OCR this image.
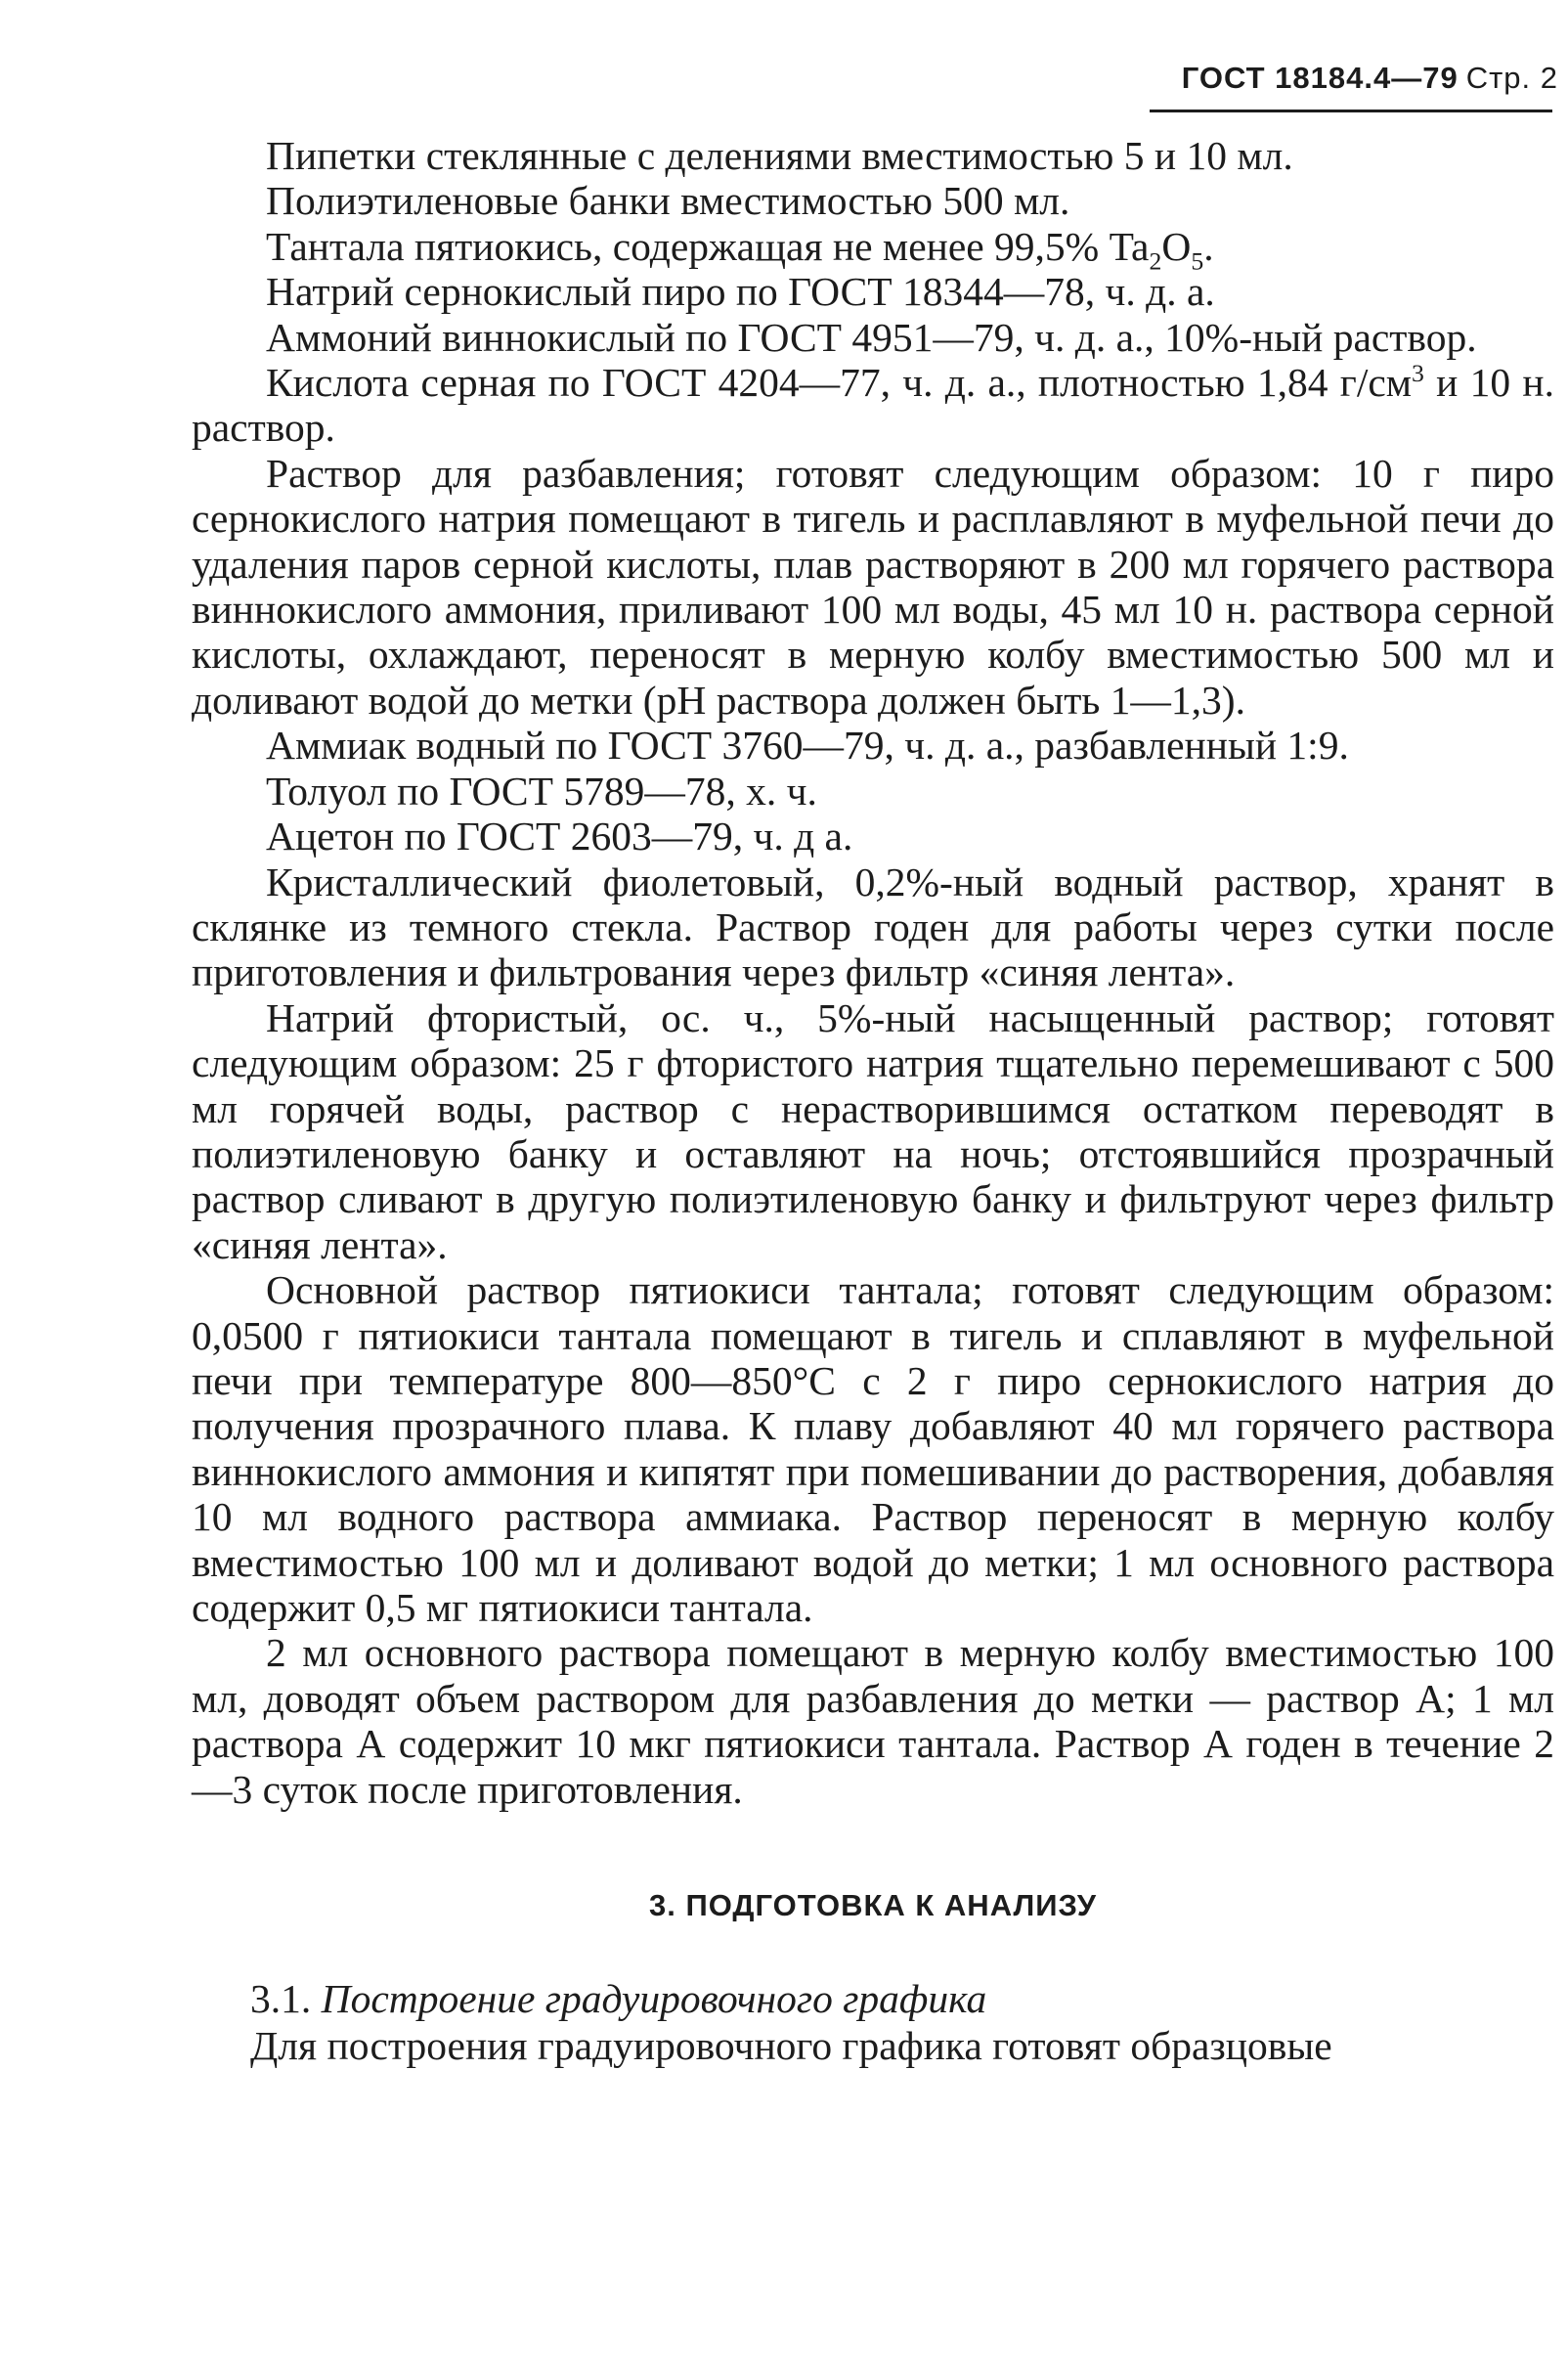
ГОСТ 18184.4—79 Стр. 2

Пипетки стеклянные с делениями вместимостью 5 и 10 мл.

Полиэтиленовые банки вместимостью 500 мл.

Тантала пятиокись, содержащая не менее 99,5% $Ta_2O_5$.

Натрий сернокислый пиро по ГОСТ 18344—78, ч. д. а.

Аммоний виннокислый по ГОСТ 4951—79, ч. д. а., 10%-ный раствор.

Кислота серная по ГОСТ 4204—77, ч. д. а., плотностью 1,84 $г/см^3$ и 10 н. раствор.

Раствор для разбавления; готовят следующим образом: 10 г пиро сернокислого натрия помещают в тигель и расплавляют в муфельной печи до удаления паров серной кислоты, плав растворяют в 200 мл горячего раствора виннокислого аммония, приливают 100 мл воды, 45 мл 10 н. раствора серной кислоты, охлаждают, переносят в мерную колбу вместимостью 500 мл и доливают водой до метки (pH раствора должен быть 1—1,3).

Аммиак водный по ГОСТ 3760—79, ч. д. а., разбавленный 1:9.

Толуол по ГОСТ 5789—78, х. ч.

Ацетон по ГОСТ 2603—79, ч. д а.

Кристаллический фиолетовый, 0,2%-ный водный раствор, хранят в склянке из темного стекла. Раствор годен для работы через сутки после приготовления и фильтрования через фильтр «синяя лента».

Натрий фтористый, ос. ч., 5%-ный насыщенный раствор; готовят следующим образом: 25 г фтористого натрия тщательно перемешивают с 500 мл горячей воды, раствор с нерастворившимся остатком переводят в полиэтиленовую банку и оставляют на ночь; отстоявшийся прозрачный раствор сливают в другую полиэтиленовую банку и фильтруют через фильтр «синяя лента».

Основной раствор пятиокиси тантала; готовят следующим образом: 0,0500 г пятиокиси тантала помещают в тигель и сплавляют в муфельной печи при температуре 800—850°С с 2 г пиро сернокислого натрия до получения прозрачного плава. К плаву добавляют 40 мл горячего раствора виннокислого аммония и кипятят при помешивании до растворения, добавляя 10 мл водного раствора аммиака. Раствор переносят в мерную колбу вместимостью 100 мл и доливают водой до метки; 1 мл основного раствора содержит 0,5 мг пятиокиси тантала.

2 мл основного раствора помещают в мерную колбу вместимостью 100 мл, доводят объем раствором для разбавления до метки — раствор А; 1 мл раствора А содержит 10 мкг пятиокиси тантала. Раствор А годен в течение 2—3 суток после приготовления.

3. ПОДГОТОВКА К АНАЛИЗУ

3.1. Построение градуировочного графика

Для построения градуировочного графика готовят образцовые
